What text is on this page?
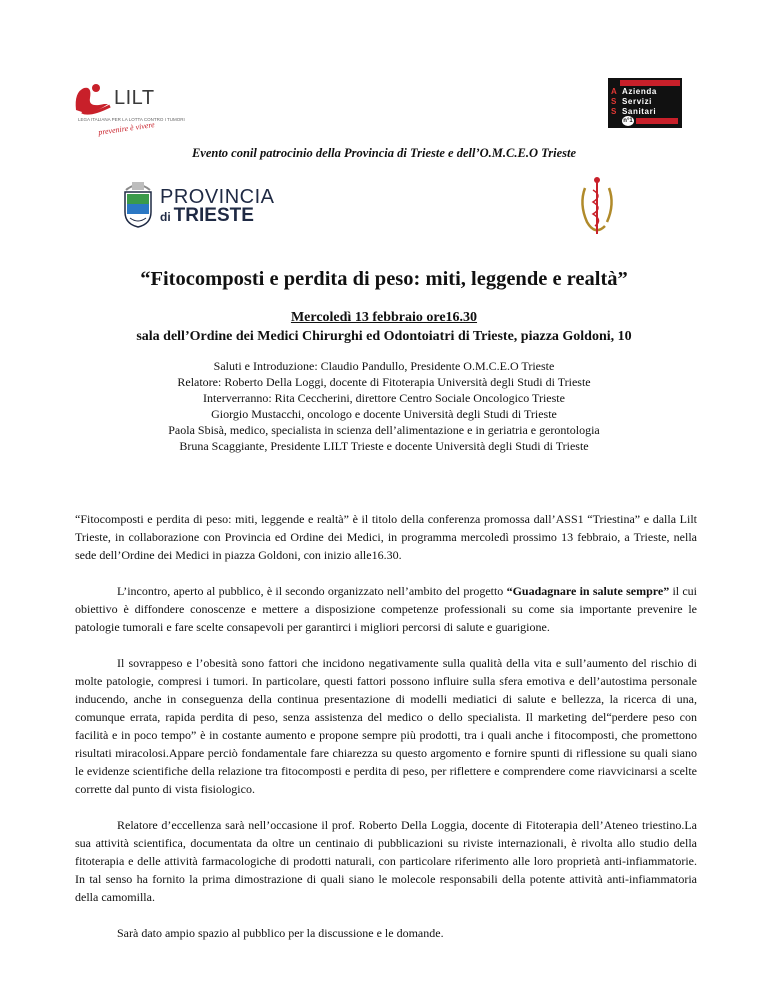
LILT
LEGA ITALIANA PER LA LOTTA CONTRO I TUMORI
prevenire è vivere
A
S
S
Azienda
Servizi
Sanitari
n°1
Evento conil patrocinio della Provincia di Trieste e dell’O.M.C.E.O Trieste
PROVINCIA
di TRIESTE
“Fitocomposti e perdita di peso: miti, leggende e realtà”
Mercoledì 13 febbraio ore16.30
sala dell’Ordine dei Medici Chirurghi ed Odontoiatri di Trieste, piazza Goldoni, 10
Saluti e Introduzione: Claudio Pandullo, Presidente O.M.C.E.O Trieste
Relatore: Roberto Della Loggi, docente di Fitoterapia Università degli Studi di Trieste
Interverranno: Rita Ceccherini, direttore Centro Sociale Oncologico Trieste
Giorgio Mustacchi, oncologo e docente Università degli Studi di Trieste
Paola Sbisà, medico, specialista in scienza dell’alimentazione e in geriatria e gerontologia
Bruna Scaggiante, Presidente LILT Trieste e docente Università degli Studi di Trieste

“Fitocomposti e perdita di peso: miti, leggende e realtà” è il titolo della conferenza promossa dall’ASS1 “Triestina” e dalla Lilt Trieste, in collaborazione con Provincia ed Ordine dei Medici, in programma mercoledì prossimo 13 febbraio, a Trieste, nella sede dell’Ordine dei Medici in piazza Goldoni, con inizio alle16.30.

L’incontro, aperto al pubblico, è il secondo organizzato nell’ambito del progetto “Guadagnare in salute sempre” il cui obiettivo è diffondere conoscenze e mettere a disposizione competenze professionali su come sia importante prevenire le patologie tumorali e fare scelte consapevoli per garantirci i migliori percorsi di salute e guarigione.

Il sovrappeso e l’obesità sono fattori che incidono negativamente sulla qualità della vita e sull’aumento del rischio di molte patologie, compresi i tumori. In particolare, questi fattori possono influire sulla sfera emotiva e dell’autostima personale inducendo, anche in conseguenza della continua presentazione di modelli mediatici di salute e bellezza, la ricerca di una, comunque errata, rapida perdita di peso, senza assistenza del medico o dello specialista. Il marketing del“perdere peso con facilità e in poco tempo” è in costante aumento e propone sempre più prodotti, tra i quali anche i fitocomposti, che promettono risultati miracolosi.Appare perciò fondamentale fare chiarezza su questo argomento e fornire spunti di riflessione su quali siano le evidenze scientifiche della relazione tra fitocomposti e perdita di peso, per riflettere e comprendere come riavvicinarsi a scelte corrette dal punto di vista fisiologico.

Relatore d’eccellenza sarà nell’occasione il prof. Roberto Della Loggia, docente di Fitoterapia dell’Ateneo triestino.La sua attività scientifica, documentata da oltre un centinaio di pubblicazioni su riviste internazionali, è rivolta allo studio della fitoterapia e delle attività farmacologiche di prodotti naturali, con particolare riferimento alle loro proprietà anti-infiammatorie. In tal senso ha fornito la prima dimostrazione di quali siano le molecole responsabili della potente attività anti-infiammatoria della camomilla.

Sarà dato ampio spazio al pubblico per la discussione e le domande.
